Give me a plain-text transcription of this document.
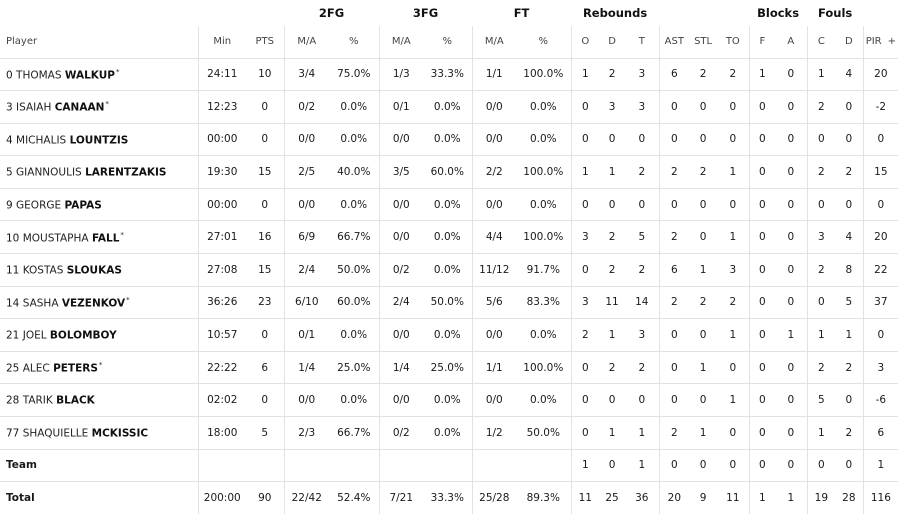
			2FG		3FG		FT		Rebounds						Blocks		Fouls		
Player	Min	PTS	M/A	%	M/A	%	M/A	%	O	D	T	AST	STL	TO	F	A	C	D	PIR +
0 THOMAS WALKUP*	24:11	10	3/4	75.0%	1/3	33.3%	1/1	100.0%	1	2	3	6	2	2	1	0	1	4	20
3 ISAIAH CANAAN*	12:23	0	0/2	0.0%	0/1	0.0%	0/0	0.0%	0	3	3	0	0	0	0	0	2	0	-2
4 MICHALIS LOUNTZIS	00:00	0	0/0	0.0%	0/0	0.0%	0/0	0.0%	0	0	0	0	0	0	0	0	0	0	0
5 GIANNOULIS LARENTZAKIS	19:30	15	2/5	40.0%	3/5	60.0%	2/2	100.0%	1	1	2	2	2	1	0	0	2	2	15
9 GEORGE PAPAS	00:00	0	0/0	0.0%	0/0	0.0%	0/0	0.0%	0	0	0	0	0	0	0	0	0	0	0
10 MOUSTAPHA FALL*	27:01	16	6/9	66.7%	0/0	0.0%	4/4	100.0%	3	2	5	2	0	1	0	0	3	4	20
11 KOSTAS SLOUKAS	27:08	15	2/4	50.0%	0/2	0.0%	11/12	91.7%	0	2	2	6	1	3	0	0	2	8	22
14 SASHA VEZENKOV*	36:26	23	6/10	60.0%	2/4	50.0%	5/6	83.3%	3	11	14	2	2	2	0	0	0	5	37
21 JOEL BOLOMBOY	10:57	0	0/1	0.0%	0/0	0.0%	0/0	0.0%	2	1	3	0	0	1	0	1	1	1	0
25 ALEC PETERS*	22:22	6	1/4	25.0%	1/4	25.0%	1/1	100.0%	0	2	2	0	1	0	0	0	2	2	3
28 TARIK BLACK	02:02	0	0/0	0.0%	0/0	0.0%	0/0	0.0%	0	0	0	0	0	1	0	0	5	0	-6
77 SHAQUIELLE MCKISSIC	18:00	5	2/3	66.7%	0/2	0.0%	1/2	50.0%	0	1	1	2	1	0	0	0	1	2	6
Team									1	0	1	0	0	0	0	0	0	0	1
Total	200:00	90	22/42	52.4%	7/21	33.3%	25/28	89.3%	11	25	36	20	9	11	1	1	19	28	116
